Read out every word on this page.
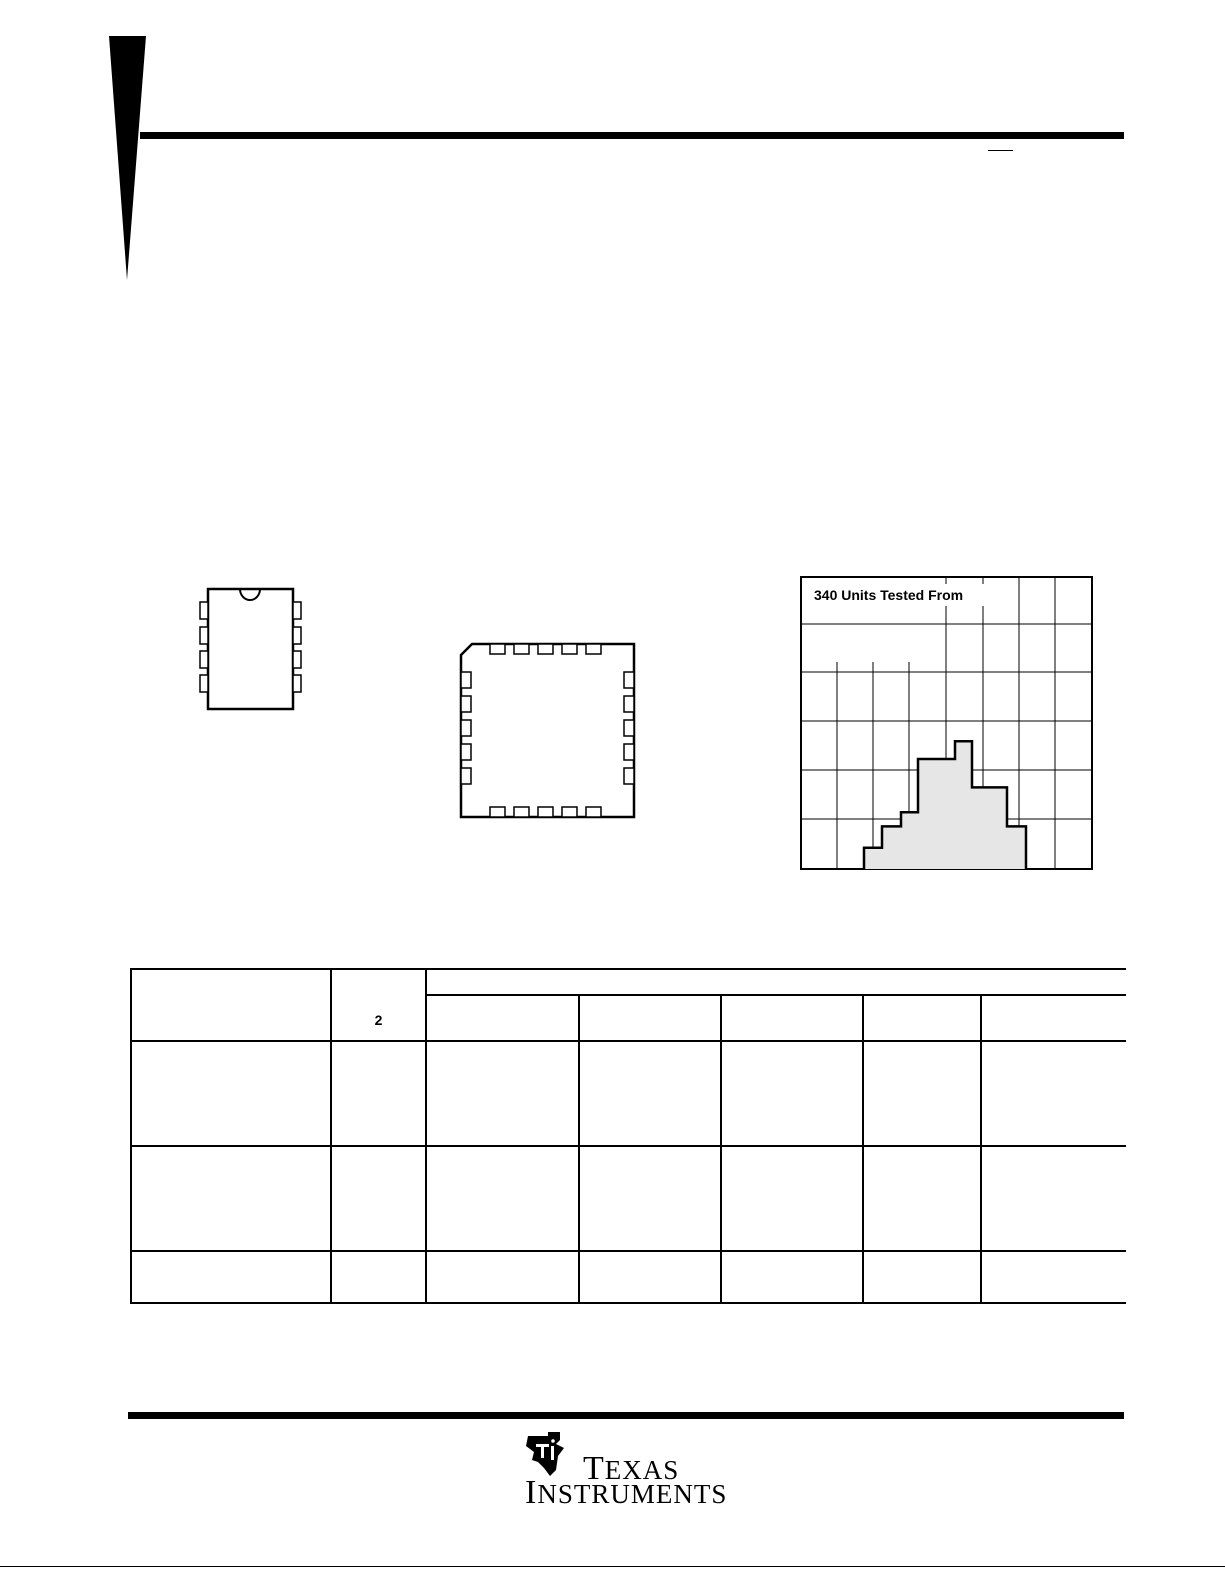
340 Units Tested From
	2					

TEXAS
INSTRUMENTS
